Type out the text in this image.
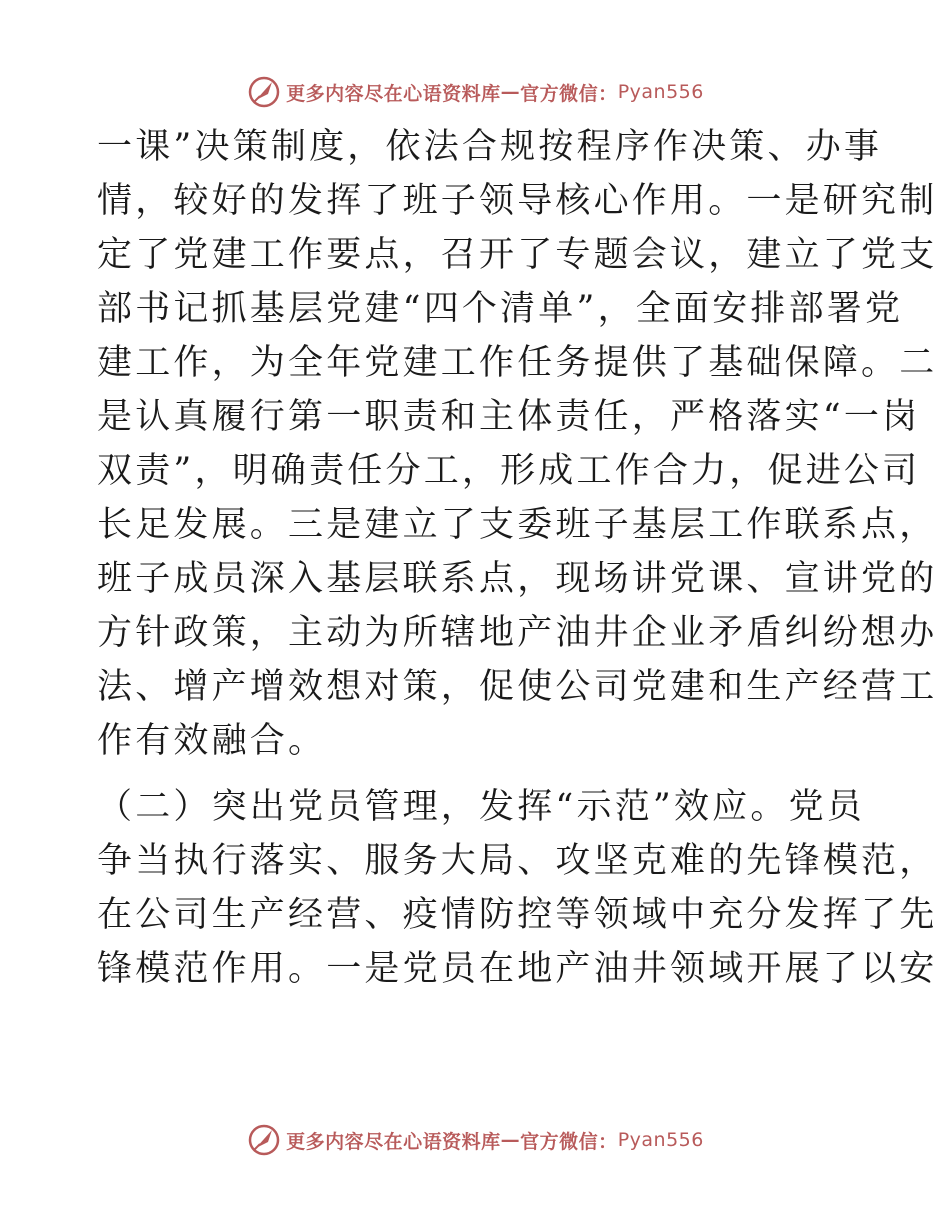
更多内容尽在心语资料库 — 官方微信： Pyan556
一课”决策制度，依法合规按程序作决策、办事
情，较好的发挥了班子领导核心作用。一是研究制
定了党建工作要点，召开了专题会议，建立了党支
部书记抓基层党建“四个清单”，全面安排部署党
建工作，为全年党建工作任务提供了基础保障。二
是认真履行第一职责和主体责任，严格落实“一岗
双责”，明确责任分工，形成工作合力，促进公司
长足发展。三是建立了支委班子基层工作联系点，
班子成员深入基层联系点，现场讲党课、宣讲党的
方针政策，主动为所辖地产油井企业矛盾纠纷想办
法、增产增效想对策，促使公司党建和生产经营工
作有效融合。
（二）突出党员管理，发挥“示范”效应。党员
争当执行落实、服务大局、攻坚克难的先锋模范，
在公司生产经营、疫情防控等领域中充分发挥了先
锋模范作用。一是党员在地产油井领域开展了以安
更多内容尽在心语资料库 — 官方微信： Pyan556
